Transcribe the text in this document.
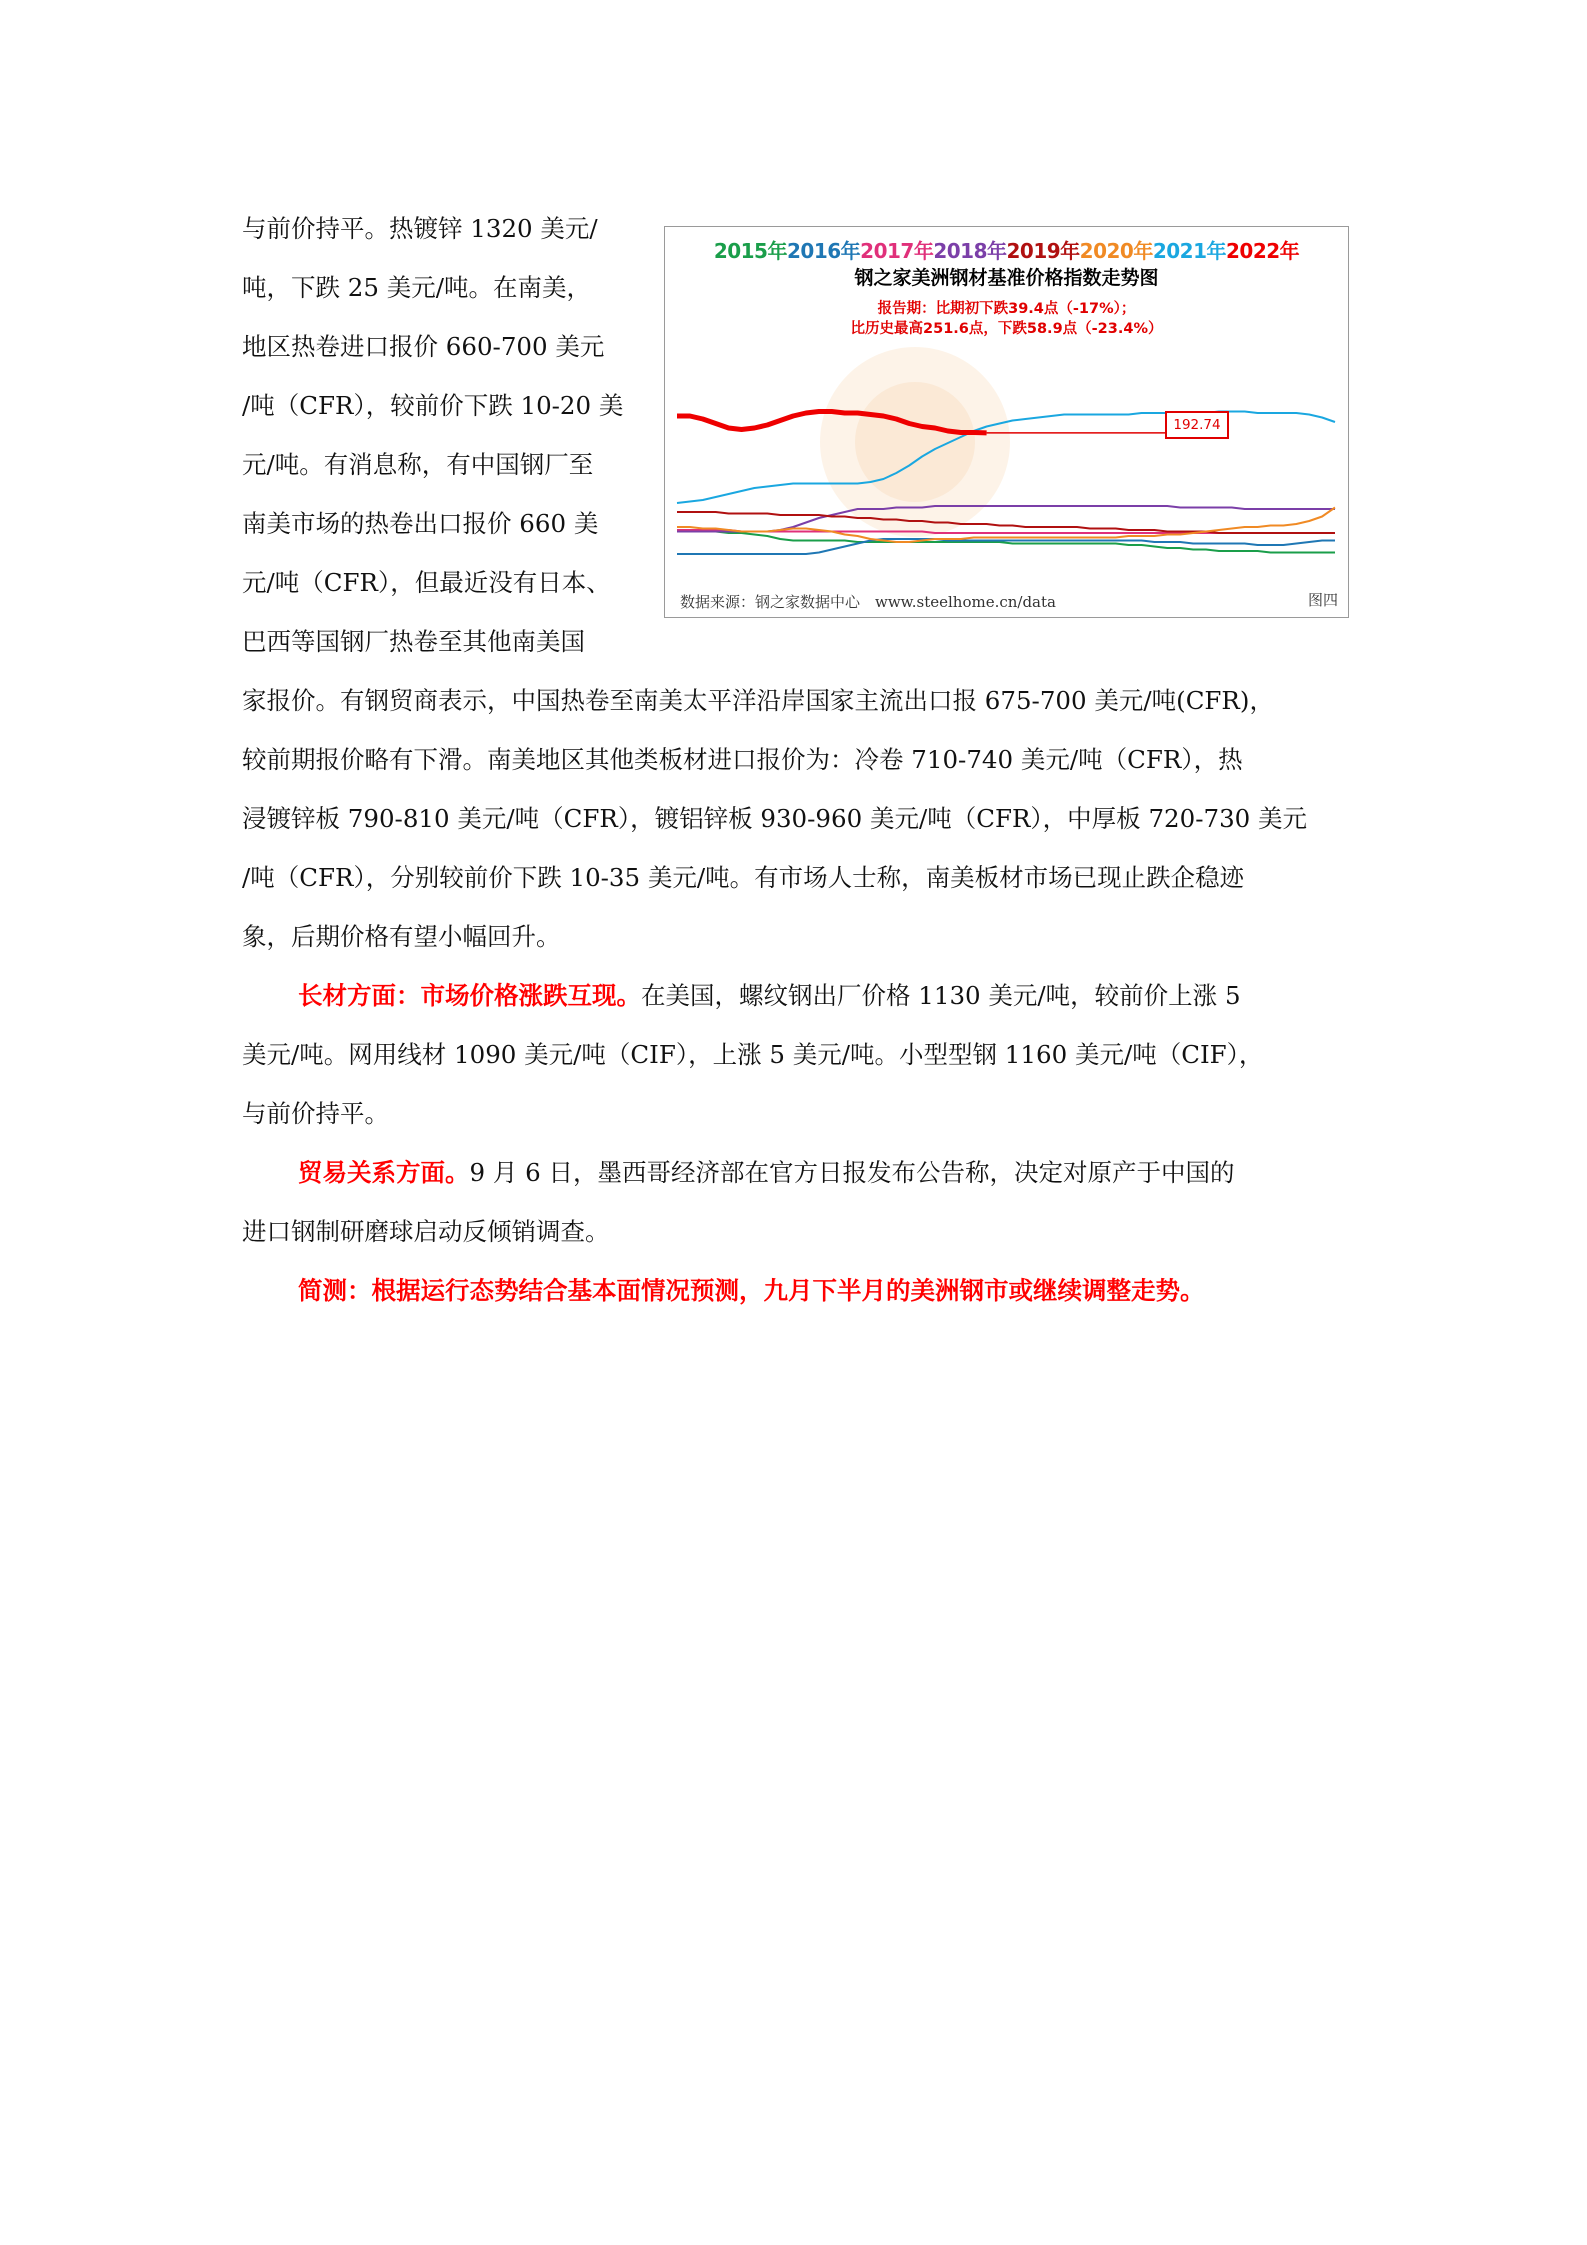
与前价持平。热镀锌 1320 美元/
吨，下跌 25 美元/吨。在南美，
地区热卷进口报价 660-700 美元
/吨（CFR），较前价下跌 10-20 美
元/吨。有消息称，有中国钢厂至
南美市场的热卷出口报价 660 美
元/吨（CFR），但最近没有日本、
巴西等国钢厂热卷至其他南美国
2015年2016年2017年2018年2019年2020年2021年2022年
钢之家美洲钢材基准价格指数走势图
报告期：比期初下跌39.4点（-17%）；
比历史最高251.6点，下跌58.9点（-23.4%）
192.74
数据来源：钢之家数据中心　www.steelhome.cn/data	图四
家报价。有钢贸商表示，中国热卷至南美太平洋沿岸国家主流出口报 675-700 美元/吨(CFR)，
较前期报价略有下滑。南美地区其他类板材进口报价为：冷卷 710-740 美元/吨（CFR），热
浸镀锌板 790-810 美元/吨（CFR），镀铝锌板 930-960 美元/吨（CFR），中厚板 720-730 美元
/吨（CFR），分别较前价下跌 10-35 美元/吨。有市场人士称，南美板材市场已现止跌企稳迹
象，后期价格有望小幅回升。
长材方面：市场价格涨跌互现。在美国，螺纹钢出厂价格 1130 美元/吨，较前价上涨 5
美元/吨。网用线材 1090 美元/吨（CIF），上涨 5 美元/吨。小型型钢 1160 美元/吨（CIF），
与前价持平。
贸易关系方面。9 月 6 日，墨西哥经济部在官方日报发布公告称，决定对原产于中国的
进口钢制研磨球启动反倾销调查。
简测：根据运行态势结合基本面情况预测，九月下半月的美洲钢市或继续调整走势。
